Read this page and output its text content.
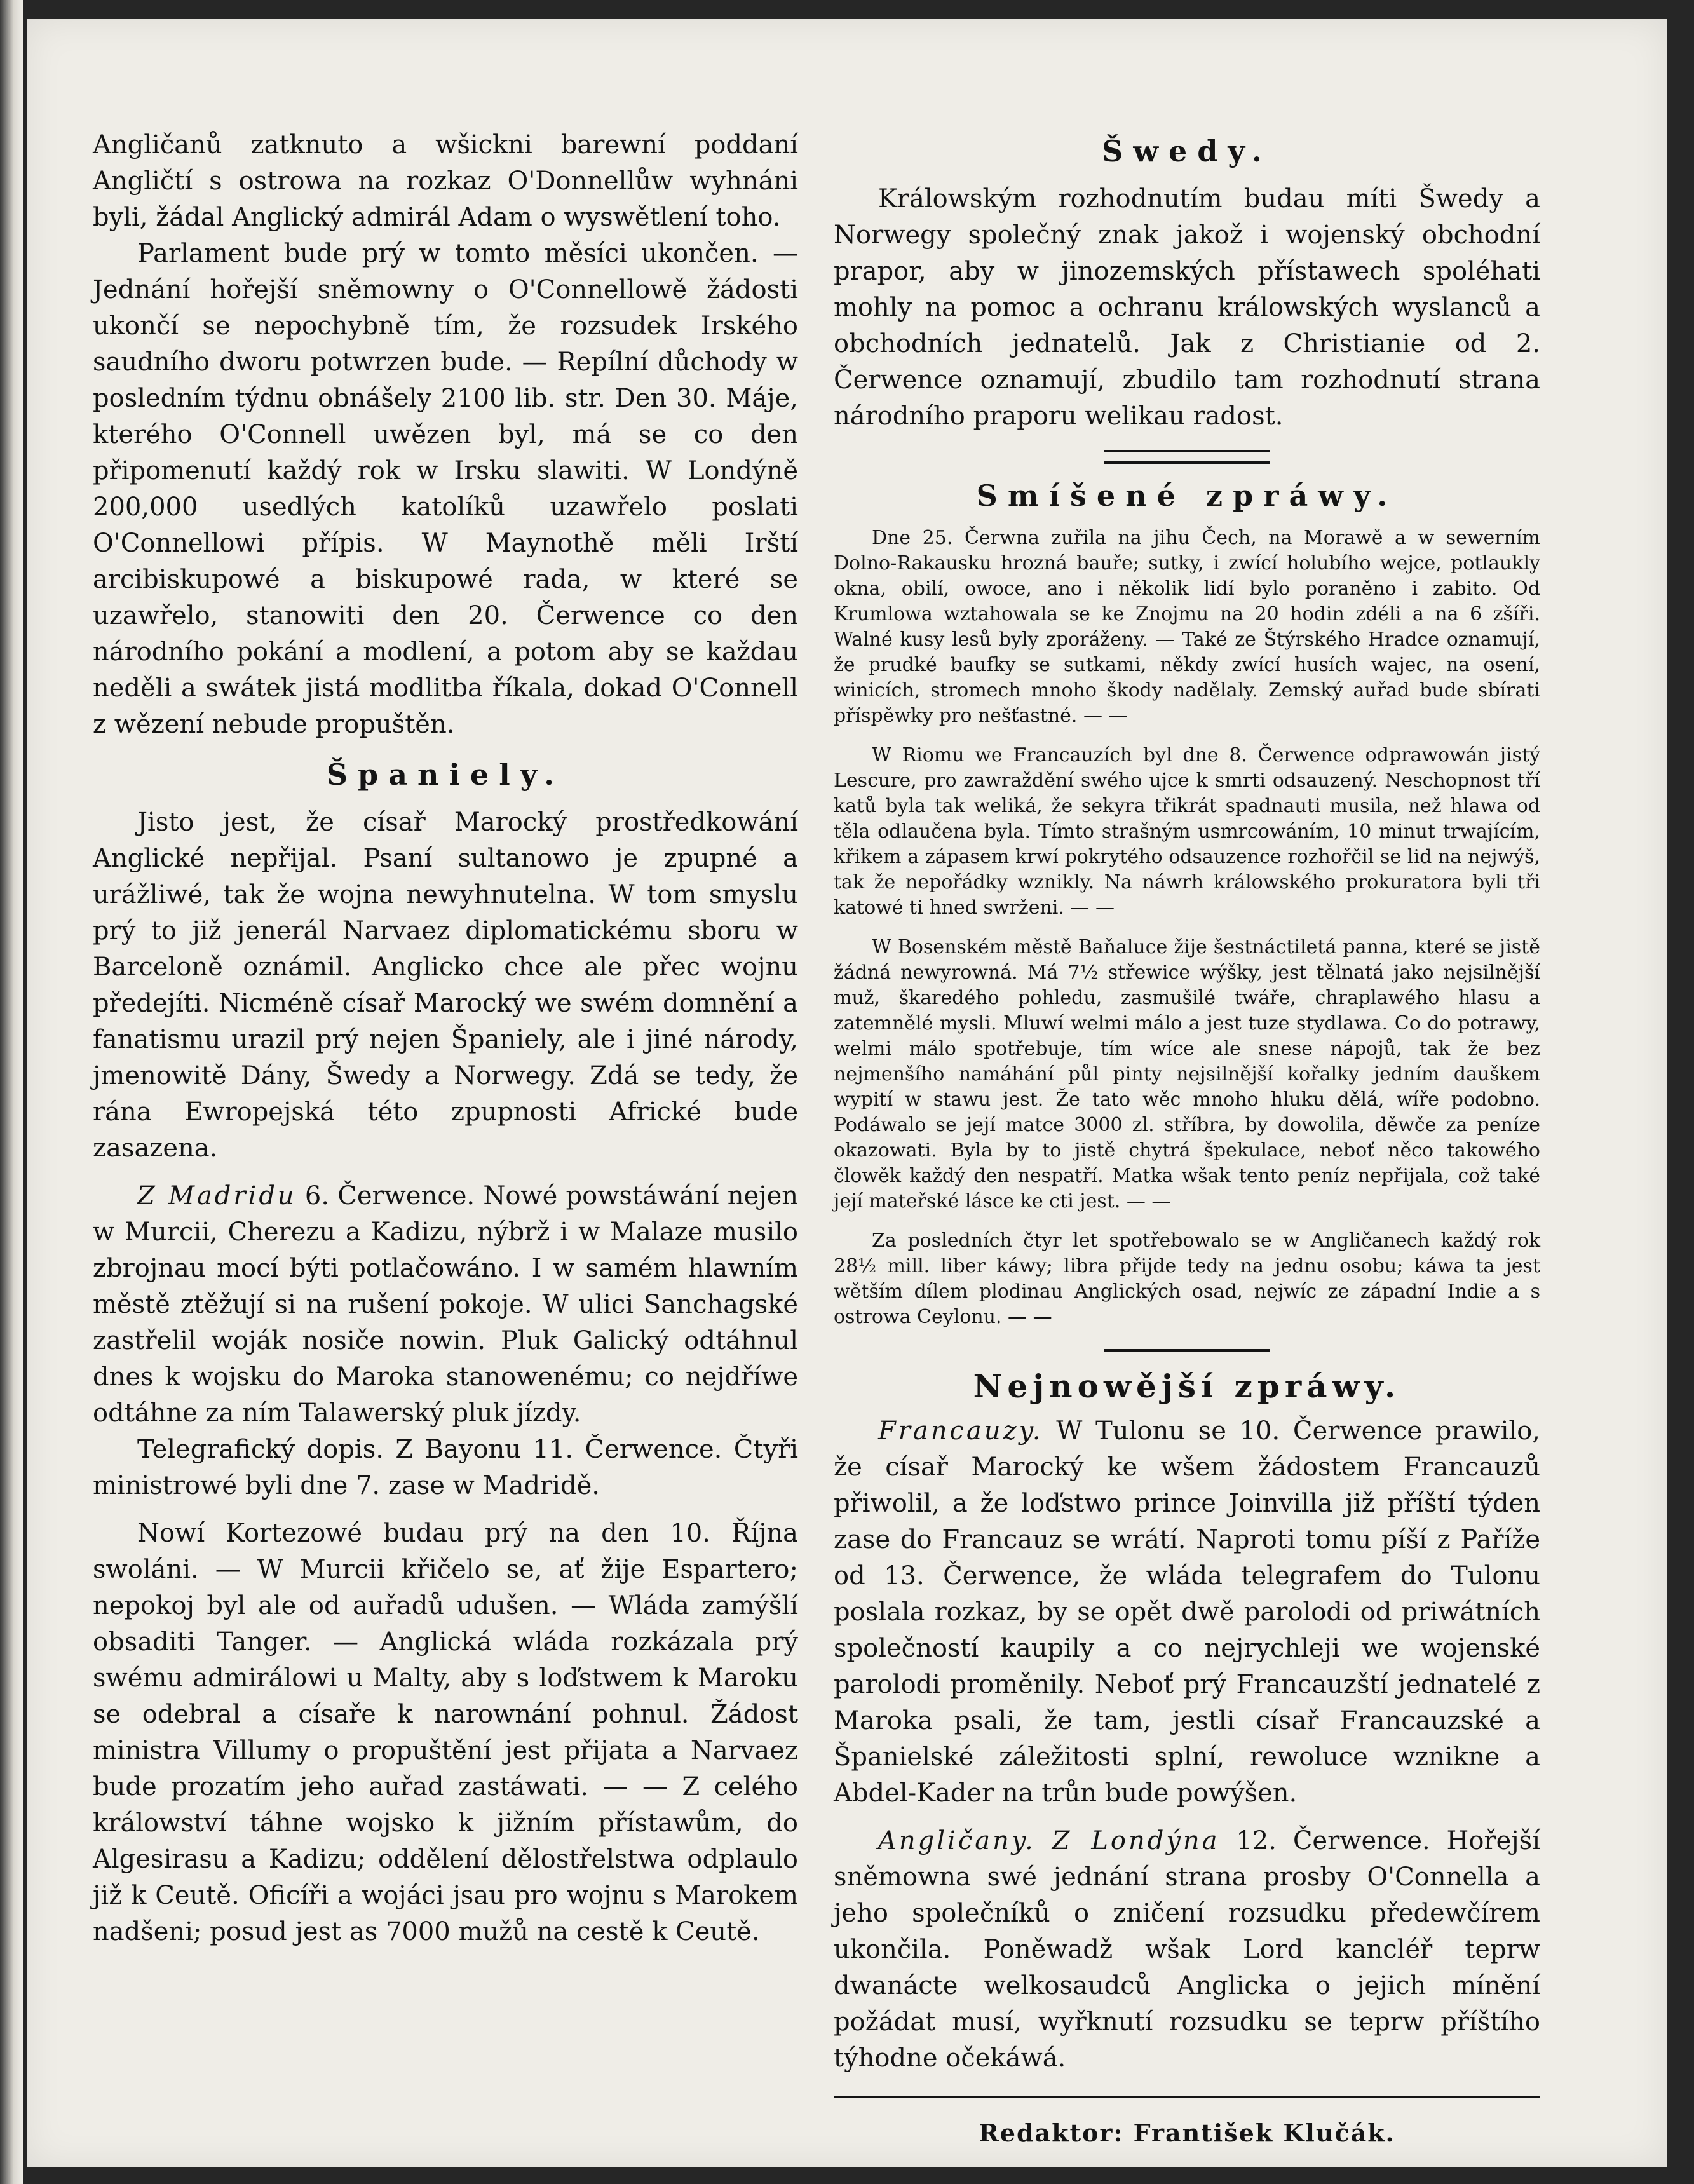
Angličanů zatknuto a wšickni barewní poddaní Angličtí s ostrowa na rozkaz O'Donnellůw wyhnáni byli, žádal Anglický admirál Adam o wyswětlení toho.

Parlament bude prý w tomto měsíci ukončen. — Jednání hořejší sněmowny o O'Connellowě žádosti ukončí se nepochybně tím, že rozsudek Irského saudního dworu potwrzen bude. — Repílní důchody w posledním týdnu obnášely 2100 lib. str. Den 30. Máje, kterého O'Connell uwězen byl, má se co den připomenutí každý rok w Irsku slawiti. W Londýně 200,000 usedlých katolíků uzawřelo poslati O'Connellowi přípis. W Maynothě měli Irští arcibiskupowé a biskupowé rada, w které se uzawřelo, stanowiti den 20. Čerwence co den národního pokání a modlení, a potom aby se každau neděli a swátek jistá modlitba říkala, dokad O'Connell z wězení nebude propuštěn.

Španiely.

Jisto jest, že císař Marocký prostředkowání Anglické nepřijal. Psaní sultanowo je zpupné a urážliwé, tak že wojna newyhnutelna. W tom smyslu prý to již jenerál Narvaez diplomatickému sboru w Barceloně oznámil. Anglicko chce ale přec wojnu předejíti. Nicméně císař Marocký we swém domnění a fanatismu urazil prý nejen Španiely, ale i jiné národy, jmenowitě Dány, Šwedy a Norwegy. Zdá se tedy, že rána Ewropejská této zpupnosti Africké bude zasazena.

Z Madridu 6. Čerwence. Nowé powstáwání nejen w Murcii, Cherezu a Kadizu, nýbrž i w Malaze musilo zbrojnau mocí býti potlačowáno. I w samém hlawním městě ztěžují si na rušení pokoje. W ulici Sanchagské zastřelil woják nosiče nowin. Pluk Galický odtáhnul dnes k wojsku do Maroka stanowenému; co nejdříwe odtáhne za ním Talawerský pluk jízdy.

Telegrafický dopis. Z Bayonu 11. Čerwence. Čtyři ministrowé byli dne 7. zase w Madridě.

Nowí Kortezowé budau prý na den 10. Října swoláni. — W Murcii křičelo se, ať žije Espartero; nepokoj byl ale od auřadů udušen. — Wláda zamýšlí obsaditi Tanger. — Anglická wláda rozkázala prý swému admirálowi u Malty, aby s loďstwem k Maroku se odebral a císaře k narownání pohnul. Žádost ministra Villumy o propuštění jest přijata a Narvaez bude prozatím jeho auřad zastáwati. — — Z celého králowství táhne wojsko k jižním přístawům, do Algesirasu a Kadizu; oddělení dělostřelstwa odplaulo již k Ceutě. Oficíři a wojáci jsau pro wojnu s Marokem nadšeni; posud jest as 7000 mužů na cestě k Ceutě.

Šwedy.

Králowským rozhodnutím budau míti Šwedy a Norwegy společný znak jakož i wojenský obchodní prapor, aby w jinozemských přístawech spoléhati mohly na pomoc a ochranu králowských wyslanců a obchodních jednatelů. Jak z Christianie od 2. Čerwence oznamují, zbudilo tam rozhodnutí strana národního praporu welikau radost.

Smíšené zpráwy.

Dne 25. Čerwna zuřila na jihu Čech, na Morawě a w sewerním Dolno-Rakausku hrozná bauře; sutky, i zwící holubího wejce, potlaukly okna, obilí, owoce, ano i několik lidí bylo poraněno i zabito. Od Krumlowa wztahowala se ke Znojmu na 20 hodin zdéli a na 6 zšíři. Walné kusy lesů byly zporáženy. — Také ze Štýrského Hradce oznamují, že prudké baufky se sutkami, někdy zwící husích wajec, na osení, winicích, stromech mnoho škody nadělaly. Zemský auřad bude sbírati příspěwky pro nešťastné. — —

W Riomu we Francauzích byl dne 8. Čerwence odprawowán jistý Lescure, pro zawraždění swého ujce k smrti odsauzený. Neschopnost tří katů byla tak weliká, že sekyra třikrát spadnauti musila, než hlawa od těla odlaučena byla. Tímto strašným usmrcowáním, 10 minut trwajícím, křikem a zápasem krwí pokrytého odsauzence rozhořčil se lid na nejwýš, tak že nepořádky wznikly. Na náwrh králowského prokuratora byli tři katowé ti hned swrženi. — —

W Bosenském městě Baňaluce žije šestnáctiletá panna, které se jistě žádná newyrowná. Má 7½ střewice wýšky, jest tělnatá jako nejsilnější muž, škaredého pohledu, zasmušilé twáře, chraplawého hlasu a zatemnělé mysli. Mluwí welmi málo a jest tuze stydlawa. Co do potrawy, welmi málo spotřebuje, tím wíce ale snese nápojů, tak že bez nejmenšího namáhání půl pinty nejsilnější kořalky jedním dauškem wypití w stawu jest. Že tato wěc mnoho hluku dělá, wíře podobno. Podáwalo se její matce 3000 zl. stříbra, by dowolila, děwče za peníze okazowati. Byla by to jistě chytrá špekulace, neboť něco takowého člowěk každý den nespatří. Matka wšak tento peníz nepřijala, což také její mateřské lásce ke cti jest. — —

Za posledních čtyr let spotřebowalo se w Angličanech každý rok 28½ mill. liber káwy; libra přijde tedy na jednu osobu; káwa ta jest wětším dílem plodinau Anglických osad, nejwíc ze západní Indie a s ostrowa Ceylonu. — —

Nejnowější zpráwy.

Francauzy. W Tulonu se 10. Čerwence prawilo, že císař Marocký ke wšem žádostem Francauzů přiwolil, a že loďstwo prince Joinvilla již příští týden zase do Francauz se wrátí. Naproti tomu píší z Paříže od 13. Čerwence, že wláda telegrafem do Tulonu poslala rozkaz, by se opět dwě parolodi od priwátních společností kaupily a co nejrychleji we wojenské parolodi proměnily. Neboť prý Francauzští jednatelé z Maroka psali, že tam, jestli císař Francauzské a Španielské záležitosti splní, rewoluce wznikne a Abdel-Kader na trůn bude powýšen.

Angličany. Z Londýna 12. Čerwence. Hořejší sněmowna swé jednání strana prosby O'Connella a jeho společníků o zničení rozsudku předewčírem ukončila. Poněwadž wšak Lord kancléř teprw dwanácte welkosaudců Anglicka o jejich mínění požádat musí, wyřknutí rozsudku se teprw příštího týhodne očekáwá.

Redaktor: František Klučák.
